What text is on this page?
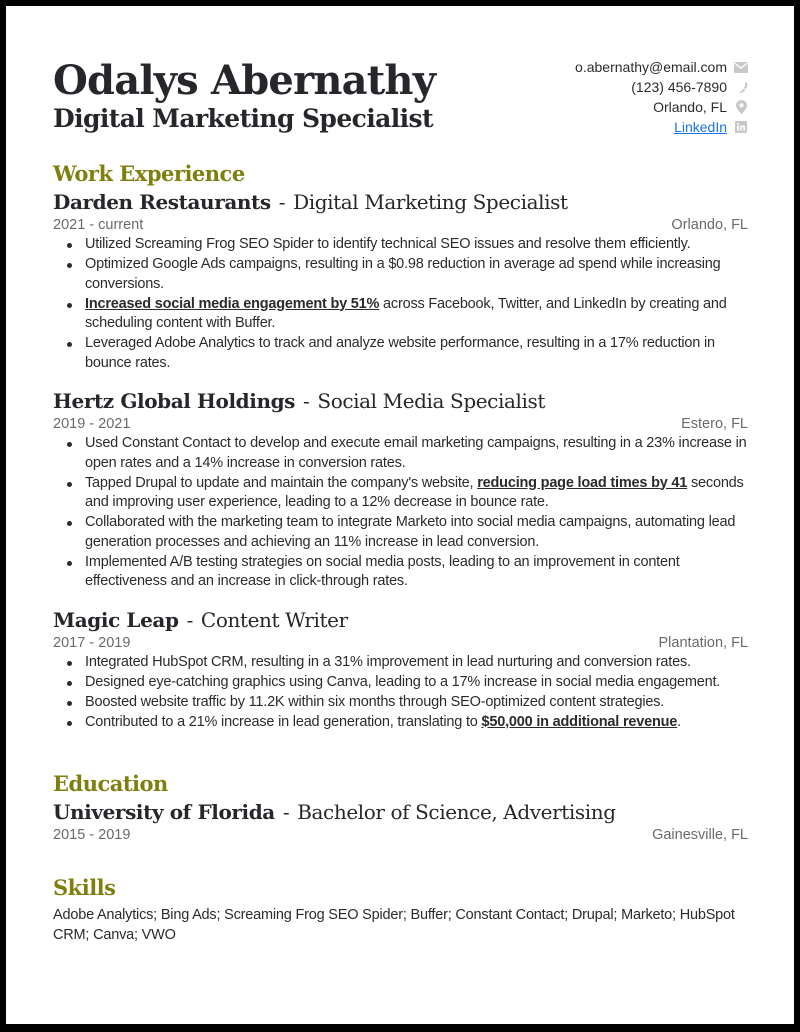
Odalys Abernathy
Digital Marketing Specialist
o.abernathy@email.com
(123) 456-7890
Orlando, FL
LinkedIn
Work Experience
Darden Restaurants - Digital Marketing Specialist
2021 - current	Orlando, FL
Utilized Screaming Frog SEO Spider to identify technical SEO issues and resolve them efficiently.
Optimized Google Ads campaigns, resulting in a $0.98 reduction in average ad spend while increasing conversions.
Increased social media engagement by 51% across Facebook, Twitter, and LinkedIn by creating and scheduling content with Buffer.
Leveraged Adobe Analytics to track and analyze website performance, resulting in a 17% reduction in bounce rates.
Hertz Global Holdings - Social Media Specialist
2019 - 2021	Estero, FL
Used Constant Contact to develop and execute email marketing campaigns, resulting in a 23% increase in open rates and a 14% increase in conversion rates.
Tapped Drupal to update and maintain the company's website, reducing page load times by 41 seconds and improving user experience, leading to a 12% decrease in bounce rate.
Collaborated with the marketing team to integrate Marketo into social media campaigns, automating lead generation processes and achieving an 11% increase in lead conversion.
Implemented A/B testing strategies on social media posts, leading to an improvement in content effectiveness and an increase in click-through rates.
Magic Leap - Content Writer
2017 - 2019	Plantation, FL
Integrated HubSpot CRM, resulting in a 31% improvement in lead nurturing and conversion rates.
Designed eye-catching graphics using Canva, leading to a 17% increase in social media engagement.
Boosted website traffic by 11.2K within six months through SEO-optimized content strategies.
Contributed to a 21% increase in lead generation, translating to $50,000 in additional revenue.
Education
University of Florida - Bachelor of Science, Advertising
2015 - 2019	Gainesville, FL
Skills
Adobe Analytics; Bing Ads; Screaming Frog SEO Spider; Buffer; Constant Contact; Drupal; Marketo; HubSpot CRM; Canva; VWO
